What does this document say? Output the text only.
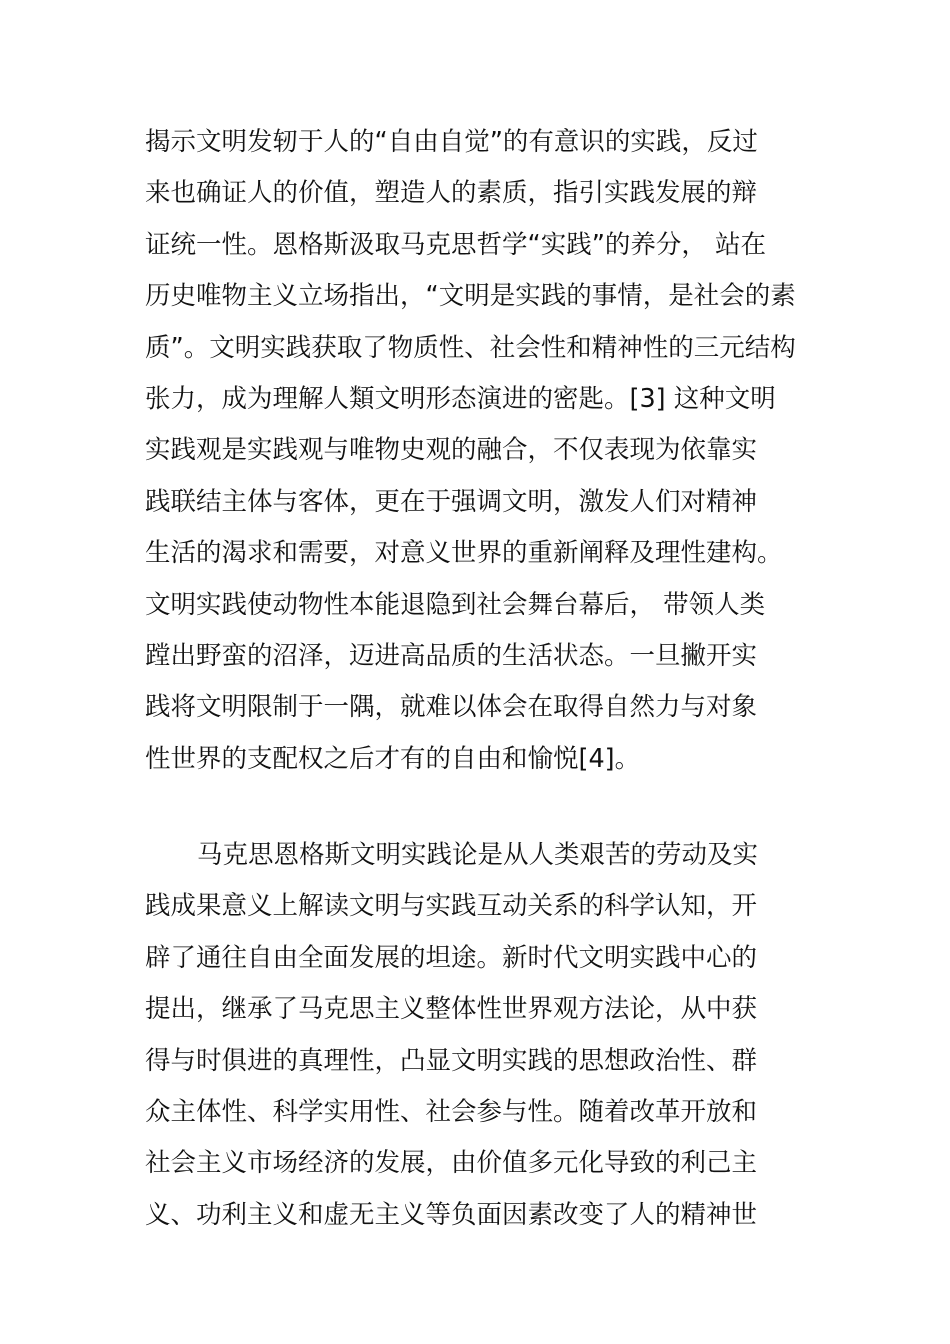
揭示文明发轫于人的“自由自觉”的有意识的实践，反过
来也确证人的价值，塑造人的素质，指引实践发展的辩
证统一性。恩格斯汲取马克思哲学“实践”的养分， 站在
历史唯物主义立场指出，“文明是实践的事情，是社会的素
质”。文明实践获取了物质性、社会性和精神性的三元结构
张力，成为理解人類文明形态演进的密匙。[3] 这种文明
实践观是实践观与唯物史观的融合，不仅表现为依靠实
践联结主体与客体，更在于强调文明，激发人们对精神
生活的渴求和需要，对意义世界的重新阐释及理性建构。
文明实践使动物性本能退隐到社会舞台幕后， 带领人类
蹚出野蛮的沼泽，迈进高品质的生活状态。一旦撇开实
践将文明限制于一隅，就难以体会在取得自然力与对象
性世界的支配权之后才有的自由和愉悦[4]。

马克思恩格斯文明实践论是从人类艰苦的劳动及实
践成果意义上解读文明与实践互动关系的科学认知，开
辟了通往自由全面发展的坦途。新时代文明实践中心的
提出，继承了马克思主义整体性世界观方法论，从中获
得与时俱进的真理性，凸显文明实践的思想政治性、群
众主体性、科学实用性、社会参与性。随着改革开放和
社会主义市场经济的发展，由价值多元化导致的利己主
义、功利主义和虚无主义等负面因素改变了人的精神世
